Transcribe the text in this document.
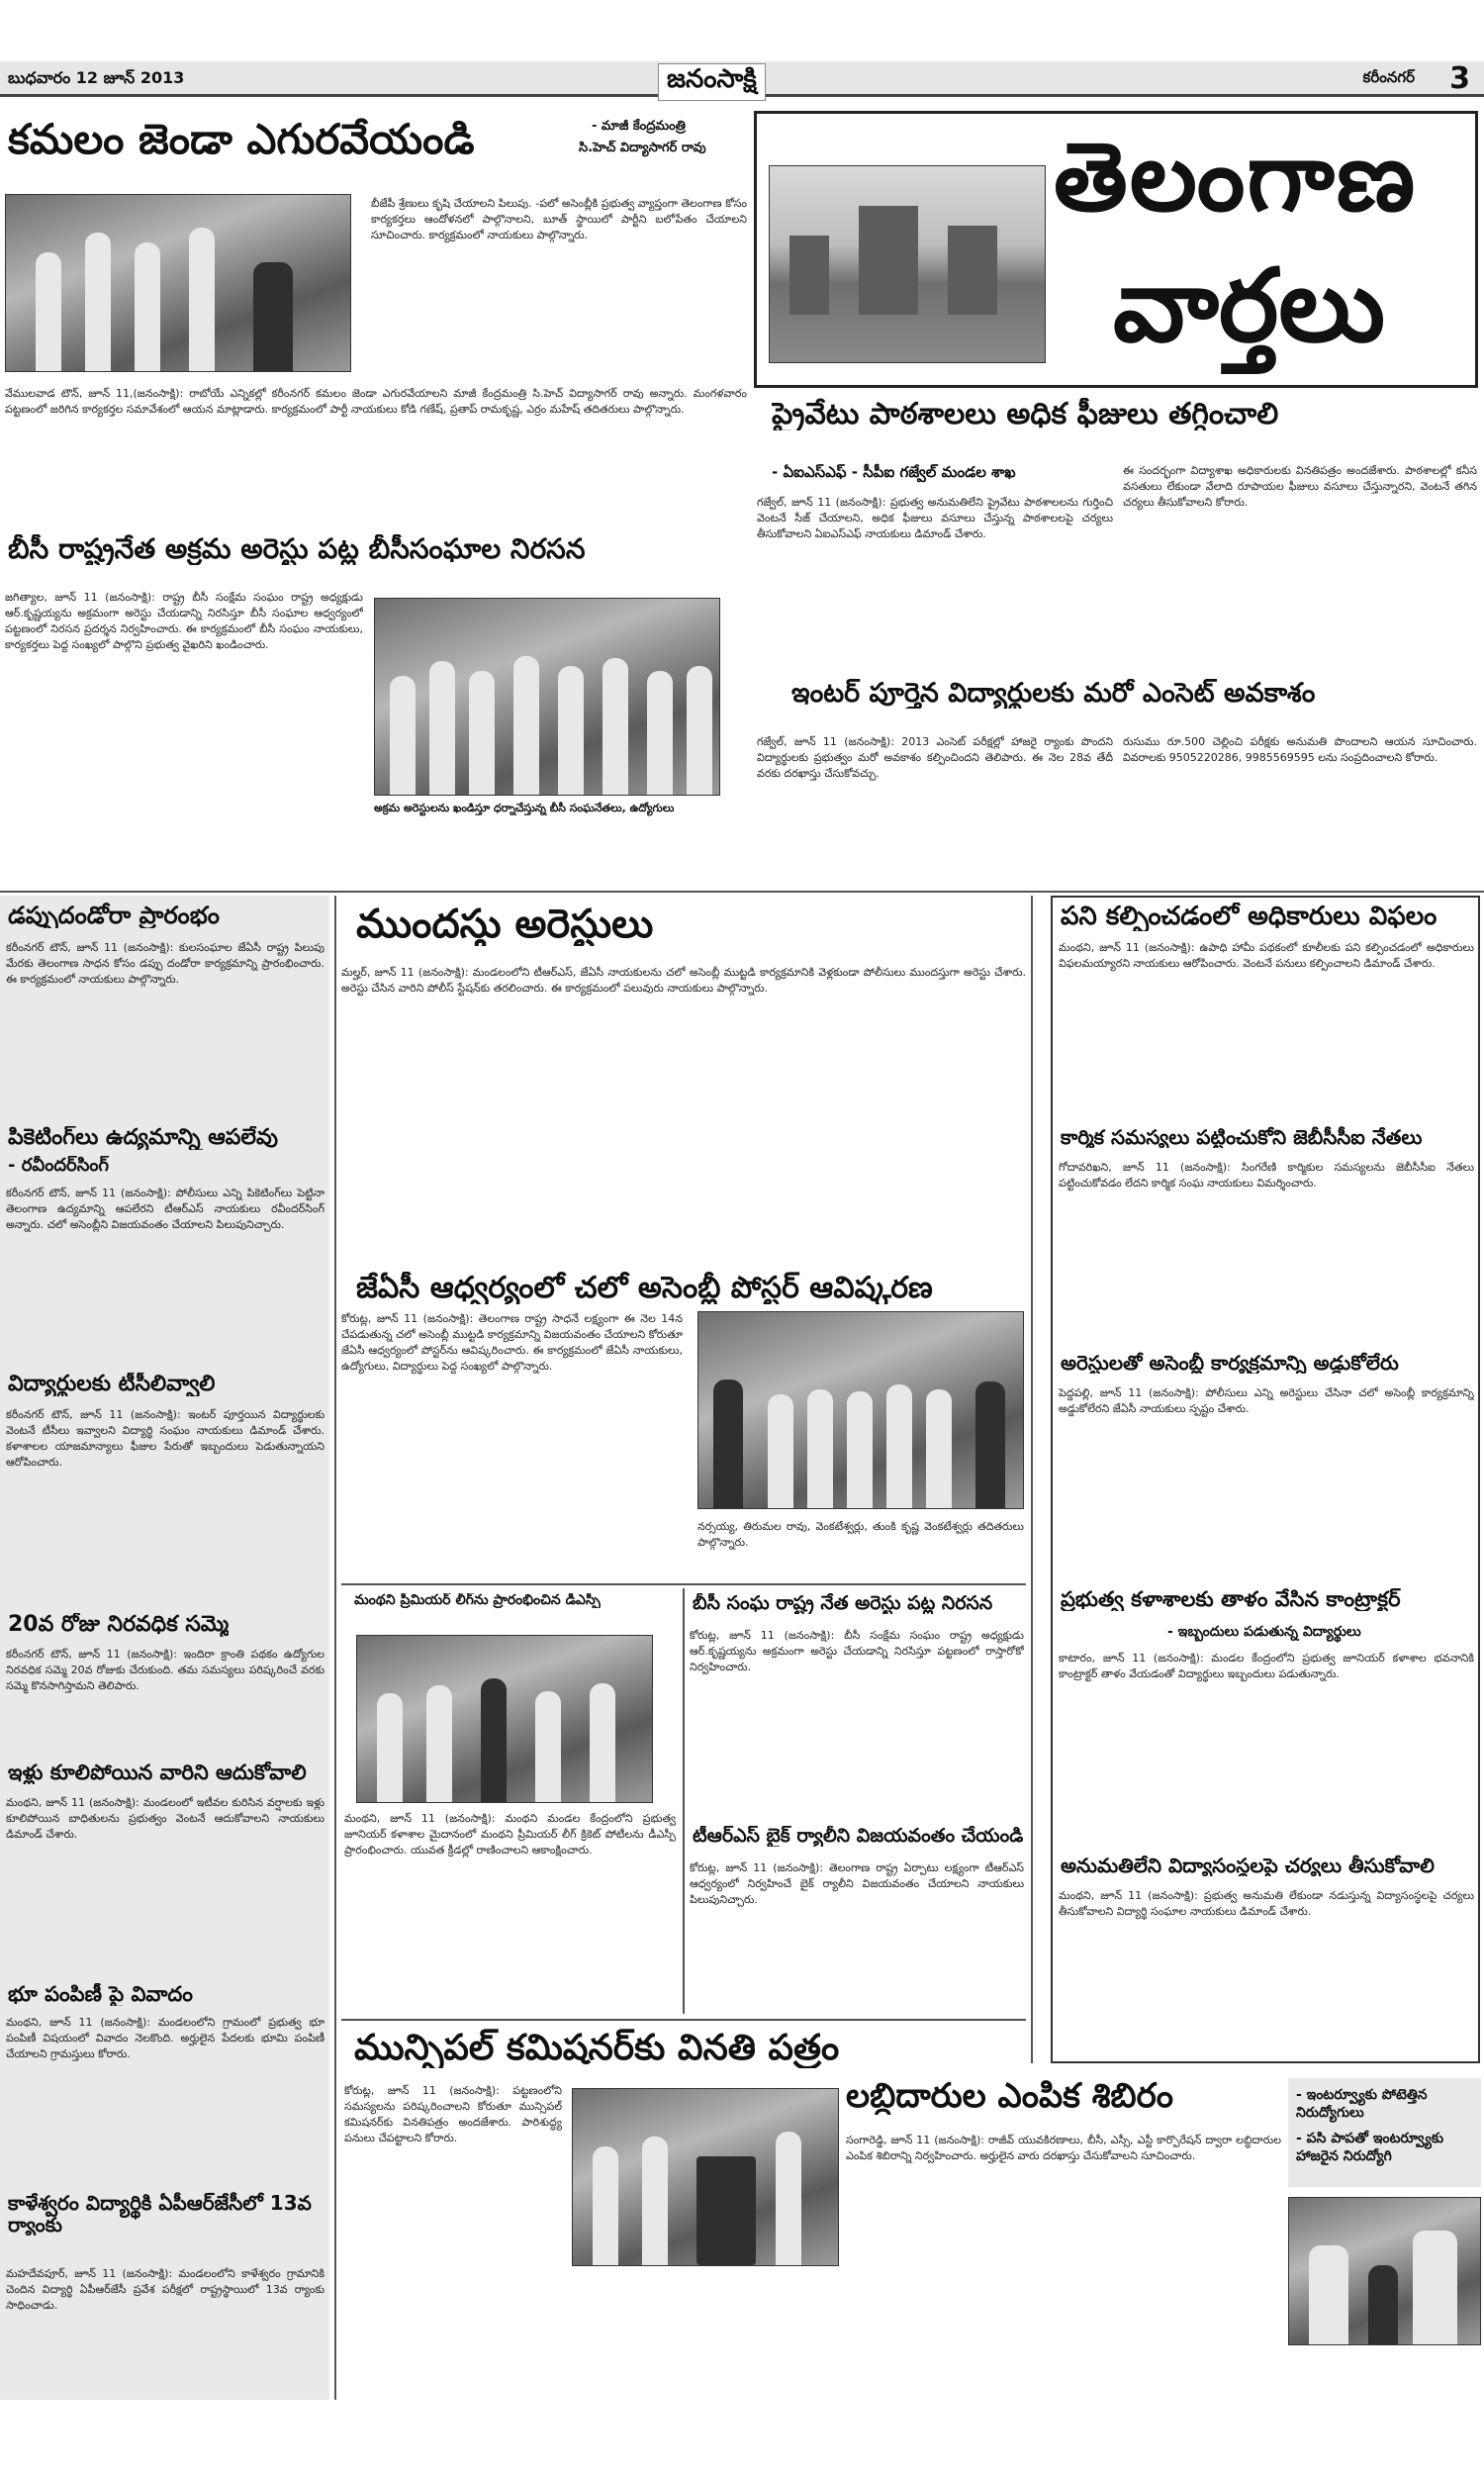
బుధవారం 12 జూన్ 2013	జనంసాక్షి	కరీంనగర్ 3
కమలం జెండా ఎగురవేయండి	- మాజీ కేంద్రమంత్రి
సి.హెచ్ విద్యాసాగర్ రావు
బీజేపీ శ్రేణులు కృషి చేయాలని పిలుపు. -పలో అసెంబ్లీకి ప్రభుత్వ వ్యాప్తంగా తెలంగాణ కోసం కార్యకర్తలు ఆందోళనలో పాల్గొనాలని, బూత్ స్థాయిలో పార్టీని బలోపేతం చేయాలని సూచించారు. కార్యక్రమంలో నాయకులు పాల్గొన్నారు.
వేములవాడ టౌన్, జూన్ 11,(జనంసాక్షి): రాబోయే ఎన్నికల్లో కరీంనగర్ కమలం జెండా ఎగురవేయాలని మాజీ కేంద్రమంత్రి సి.హెచ్ విద్యాసాగర్ రావు అన్నారు. మంగళవారం పట్టణంలో జరిగిన కార్యకర్తల సమావేశంలో ఆయన మాట్లాడారు. కార్యక్రమంలో పార్టీ నాయకులు కోడి గణేష్, ప్రతాప్ రామకృష్ణ, ఎర్రం మహేష్ తదితరులు పాల్గొన్నారు.
తెలంగాణ
వార్తలు
ప్రైవేటు పాఠశాలలు అధిక ఫీజులు తగ్గించాలి
- ఏఐఎస్ఎఫ్ - సీపీఐ గజ్వేల్ మండల శాఖ
గజ్వేల్, జూన్ 11 (జనంసాక్షి): ప్రభుత్వ అనుమతిలేని ప్రైవేటు పాఠశాలలను గుర్తించి వెంటనే సీజ్ చేయాలని, అధిక ఫీజులు వసూలు చేస్తున్న పాఠశాలలపై చర్యలు తీసుకోవాలని ఏఐఎస్ఎఫ్ నాయకులు డిమాండ్ చేశారు.
ఈ సందర్భంగా విద్యాశాఖ అధికారులకు వినతిపత్రం అందజేశారు. పాఠశాలల్లో కనీస వసతులు లేకుండా వేలాది రూపాయల ఫీజులు వసూలు చేస్తున్నారని, వెంటనే తగిన చర్యలు తీసుకోవాలని కోరారు.
ఇంటర్ పూర్తైన విద్యార్థులకు మరో ఎంసెట్ అవకాశం
గజ్వేల్, జూన్ 11 (జనంసాక్షి): 2013 ఎంసెట్ పరీక్షల్లో హాజరై ర్యాంకు పొందని విద్యార్థులకు ప్రభుత్వం మరో అవకాశం కల్పించిందని తెలిపారు. ఈ నెల 28వ తేదీ వరకు దరఖాస్తు చేసుకోవచ్చు.
రుసుము రూ.500 చెల్లించి పరీక్షకు అనుమతి పొందాలని ఆయన సూచించారు. వివరాలకు 9505220286, 9985569595 లను సంప్రదించాలని కోరారు.
బీసీ రాష్ట్రనేత అక్రమ అరెస్టు పట్ల బీసీసంఘాల నిరసన
జగిత్యాల, జూన్ 11 (జనంసాక్షి): రాష్ట్ర బీసీ సంక్షేమ సంఘం రాష్ట్ర అధ్యక్షుడు ఆర్.కృష్ణయ్యను అక్రమంగా అరెస్టు చేయడాన్ని నిరసిస్తూ బీసీ సంఘాల ఆధ్వర్యంలో పట్టణంలో నిరసన ప్రదర్శన నిర్వహించారు. ఈ కార్యక్రమంలో బీసీ సంఘం నాయకులు, కార్యకర్తలు పెద్ద సంఖ్యలో పాల్గొని ప్రభుత్వ వైఖరిని ఖండించారు.
అక్రమ అరెస్టులను ఖండిస్తూ ధర్నాచేస్తున్న బీసీ సంఘనేతలు, ఉద్యోగులు
డప్పుదండోరా ప్రారంభం
కరీంనగర్ టౌన్, జూన్ 11 (జనంసాక్షి): కులసంఘాల జేఏసీ రాష్ట్ర పిలుపు మేరకు తెలంగాణ సాధన కోసం డప్పు దండోరా కార్యక్రమాన్ని ప్రారంభించారు. ఈ కార్యక్రమంలో నాయకులు పాల్గొన్నారు.
పికెటింగ్‌లు ఉద్యమాన్ని ఆపలేవు
- రవీందర్‌సింగ్
కరీంనగర్ టౌన్, జూన్ 11 (జనంసాక్షి): పోలీసులు ఎన్ని పికెటింగ్‌లు పెట్టినా తెలంగాణ ఉద్యమాన్ని ఆపలేరని టీఆర్ఎస్ నాయకులు రవీందర్‌సింగ్ అన్నారు. చలో అసెంబ్లీని విజయవంతం చేయాలని పిలుపునిచ్చారు.
విద్యార్థులకు టీసీలివ్వాలి
కరీంనగర్ టౌన్, జూన్ 11 (జనంసాక్షి): ఇంటర్ పూర్తయిన విద్యార్థులకు వెంటనే టీసీలు ఇవ్వాలని విద్యార్థి సంఘం నాయకులు డిమాండ్ చేశారు. కళాశాలల యాజమాన్యాలు ఫీజుల పేరుతో ఇబ్బందులు పెడుతున్నాయని ఆరోపించారు.
20వ రోజు నిరవధిక సమ్మె
కరీంనగర్ టౌన్, జూన్ 11 (జనంసాక్షి): ఇందిరా క్రాంతి పథకం ఉద్యోగుల నిరవధిక సమ్మె 20వ రోజుకు చేరుకుంది. తమ సమస్యలు పరిష్కరించే వరకు సమ్మె కొనసాగిస్తామని తెలిపారు.
ఇళ్లు కూలిపోయిన వారిని ఆదుకోవాలి
మంథని, జూన్ 11 (జనంసాక్షి): మండలంలో ఇటీవల కురిసిన వర్షాలకు ఇళ్లు కూలిపోయిన బాధితులను ప్రభుత్వం వెంటనే ఆదుకోవాలని నాయకులు డిమాండ్ చేశారు.
భూ పంపిణీ పై వివాదం
మంథని, జూన్ 11 (జనంసాక్షి): మండలంలోని గ్రామంలో ప్రభుత్వ భూ పంపిణీ విషయంలో వివాదం నెలకొంది. అర్హులైన పేదలకు భూమి పంపిణీ చేయాలని గ్రామస్తులు కోరారు.
కాళేశ్వరం విద్యార్థికి ఏపీఆర్‌జేసీలో 13వ ర్యాంకు
మహదేవపూర్, జూన్ 11 (జనంసాక్షి): మండలంలోని కాళేశ్వరం గ్రామానికి చెందిన విద్యార్థి ఏపీఆర్‌జేసీ ప్రవేశ పరీక్షలో రాష్ట్రస్థాయిలో 13వ ర్యాంకు సాధించాడు.
ముందస్తు అరెస్టులు
మల్హర్, జూన్ 11 (జనంసాక్షి): మండలంలోని టీఆర్ఎస్, జేఏసీ నాయకులను చలో అసెంబ్లీ ముట్టడి కార్యక్రమానికి వెళ్లకుండా పోలీసులు ముందస్తుగా అరెస్టు చేశారు. అరెస్టు చేసిన వారిని పోలీస్ స్టేషన్‌కు తరలించారు. ఈ కార్యక్రమంలో పలువురు నాయకులు పాల్గొన్నారు.
జేఏసీ ఆధ్వర్యంలో చలో అసెంబ్లీ పోస్టర్ ఆవిష్కరణ
కోరుట్ల, జూన్ 11 (జనంసాక్షి): తెలంగాణ రాష్ట్ర సాధనే లక్ష్యంగా ఈ నెల 14న చేపడుతున్న చలో అసెంబ్లీ ముట్టడి కార్యక్రమాన్ని విజయవంతం చేయాలని కోరుతూ జేఏసీ ఆధ్వర్యంలో పోస్టర్‌ను ఆవిష్కరించారు. ఈ కార్యక్రమంలో జేఏసీ నాయకులు, ఉద్యోగులు, విద్యార్థులు పెద్ద సంఖ్యలో పాల్గొన్నారు.
నర్సయ్య, తిరుమల రావు, వెంకటేశ్వర్లు, తుంకి కృష్ణ వెంకటేశ్వర్లు తదితరులు పాల్గొన్నారు.
మంథని ప్రీమియర్ లీగ్‌ను ప్రారంభించిన డీఎస్పీ
మంథని, జూన్ 11 (జనంసాక్షి): మంథని మండల కేంద్రంలోని ప్రభుత్వ జూనియర్ కళాశాల మైదానంలో మంథని ప్రీమియర్ లీగ్ క్రికెట్ పోటీలను డీఎస్పీ ప్రారంభించారు. యువత క్రీడల్లో రాణించాలని ఆకాంక్షించారు.
బీసీ సంఘ రాష్ట్ర నేత అరెస్టు పట్ల నిరసన
కోరుట్ల, జూన్ 11 (జనంసాక్షి): బీసీ సంక్షేమ సంఘం రాష్ట్ర అధ్యక్షుడు ఆర్.కృష్ణయ్యను అక్రమంగా అరెస్టు చేయడాన్ని నిరసిస్తూ పట్టణంలో రాస్తారోకో నిర్వహించారు.
టీఆర్ఎస్ బైక్ ర్యాలీని విజయవంతం చేయండి
కోరుట్ల, జూన్ 11 (జనంసాక్షి): తెలంగాణ రాష్ట్ర ఏర్పాటు లక్ష్యంగా టీఆర్ఎస్ ఆధ్వర్యంలో నిర్వహించే బైక్ ర్యాలీని విజయవంతం చేయాలని నాయకులు పిలుపునిచ్చారు.
మున్సిపల్ కమిషనర్‌కు వినతి పత్రం
కోరుట్ల, జూన్ 11 (జనంసాక్షి): పట్టణంలోని సమస్యలను పరిష్కరించాలని కోరుతూ మున్సిపల్ కమిషనర్‌కు వినతిపత్రం అందజేశారు. పారిశుద్ధ్య పనులు చేపట్టాలని కోరారు.
లబ్ధిదారుల ఎంపిక శిబిరం
సంగారెడ్డి, జూన్ 11 (జనంసాక్షి): రాజీవ్ యువకిరణాలు, బీసీ, ఎస్సీ, ఎస్టీ కార్పొరేషన్ ద్వారా లబ్ధిదారుల ఎంపిక శిబిరాన్ని నిర్వహించారు. అర్హులైన వారు దరఖాస్తు చేసుకోవాలని సూచించారు.
పని కల్పించడంలో అధికారులు విఫలం
మంథని, జూన్ 11 (జనంసాక్షి): ఉపాధి హామీ పథకంలో కూలీలకు పని కల్పించడంలో అధికారులు విఫలమయ్యారని నాయకులు ఆరోపించారు. వెంటనే పనులు కల్పించాలని డిమాండ్ చేశారు.
కార్మిక సమస్యలు పట్టించుకోని జెబీసీసీఐ నేతలు
గోదావరిఖని, జూన్ 11 (జనంసాక్షి): సింగరేణి కార్మికుల సమస్యలను జెబీసీసీఐ నేతలు పట్టించుకోవడం లేదని కార్మిక సంఘ నాయకులు విమర్శించారు.
అరెస్టులతో అసెంబ్లీ కార్యక్రమాన్ని అడ్డుకోలేరు
పెద్దపల్లి, జూన్ 11 (జనంసాక్షి): పోలీసులు ఎన్ని అరెస్టులు చేసినా చలో అసెంబ్లీ కార్యక్రమాన్ని అడ్డుకోలేరని జేఏసీ నాయకులు స్పష్టం చేశారు.
ప్రభుత్వ కళాశాలకు తాళం వేసిన కాంట్రాక్టర్
- ఇబ్బందులు పడుతున్న విద్యార్థులు
కాటారం, జూన్ 11 (జనంసాక్షి): మండల కేంద్రంలోని ప్రభుత్వ జూనియర్ కళాశాల భవనానికి కాంట్రాక్టర్ తాళం వేయడంతో విద్యార్థులు ఇబ్బందులు పడుతున్నారు.
అనుమతిలేని విద్యాసంస్థలపై చర్యలు తీసుకోవాలి
మంథని, జూన్ 11 (జనంసాక్షి): ప్రభుత్వ అనుమతి లేకుండా నడుస్తున్న విద్యాసంస్థలపై చర్యలు తీసుకోవాలని విద్యార్థి సంఘాల నాయకులు డిమాండ్ చేశారు.
- ఇంటర్వ్యూకు పోటెత్తిన నిరుద్యోగులు
- పసి పాపతో ఇంటర్వ్యూకు హాజరైన నిరుద్యోగి
